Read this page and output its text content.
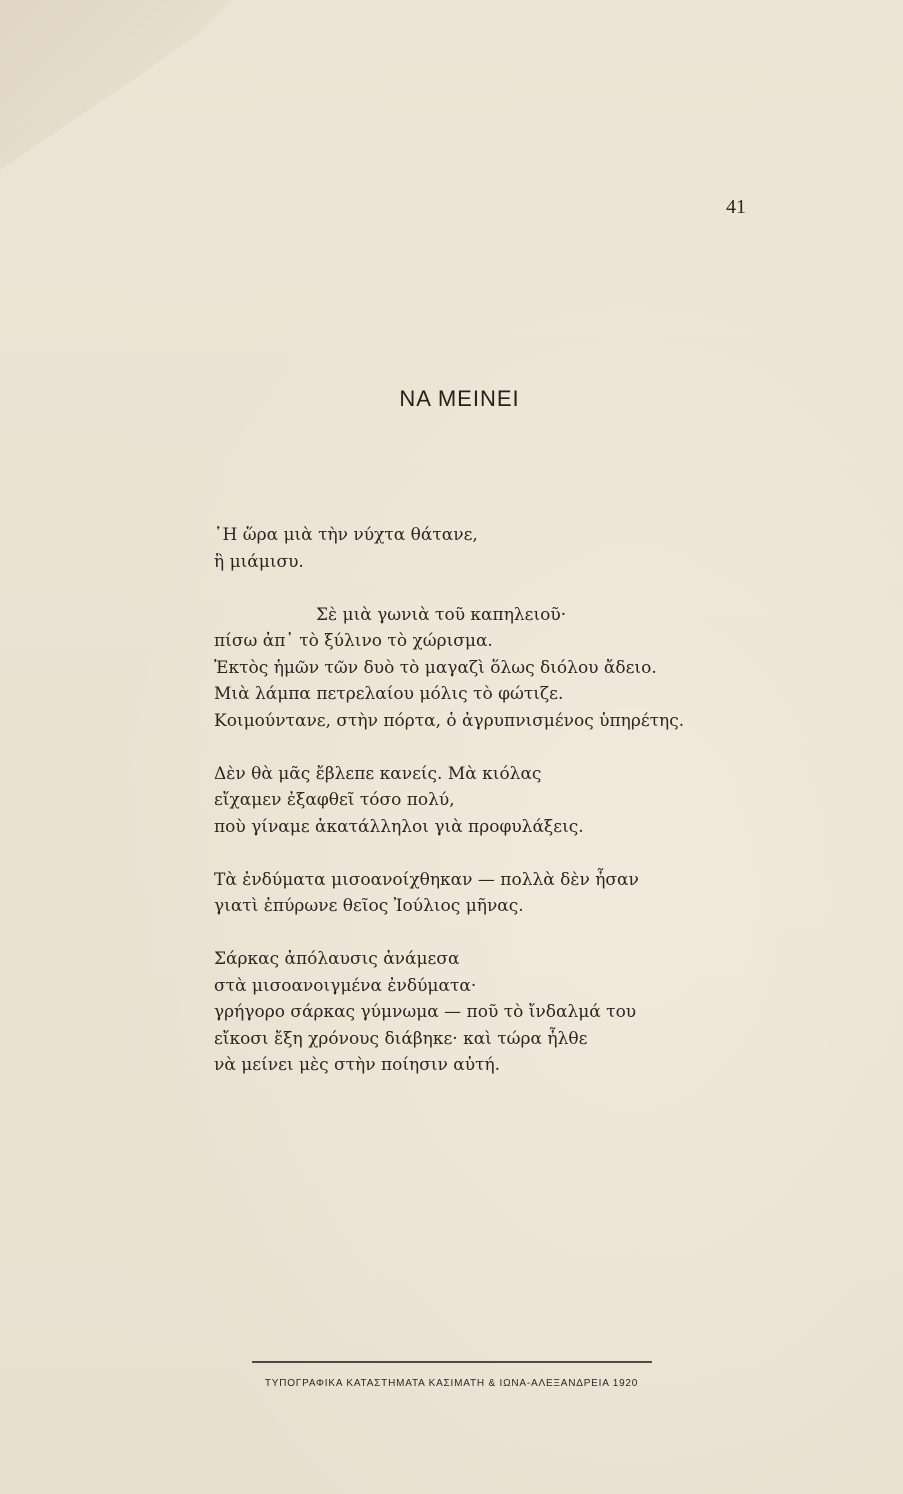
41
ΝΑ ΜΕΙΝΕΙ
῾Η ὥρα μιὰ τὴν νύχτα θάτανε,
ἢ μιάμισυ.
Σὲ μιὰ γωνιὰ τοῦ καπηλειοῦ·
πίσω ἀπ᾽ τὸ ξύλινο τὸ χώρισμα.
Ἐκτὸς ἡμῶν τῶν δυὸ τὸ μαγαζὶ ὅλως διόλου ἄδειο.
Μιὰ λάμπα πετρελαίου μόλις τὸ φώτιζε.
Κοιμούντανε, στὴν πόρτα, ὁ ἀγρυπνισμένος ὑπηρέτης.
Δὲν θὰ μᾶς ἔβλεπε κανείς. Μὰ κιόλας
εἴχαμεν ἐξαφθεῖ τόσο πολύ,
ποὺ γίναμε ἀκατάλληλοι γιὰ προφυλάξεις.
Τὰ ἐνδύματα μισοανοίχθηκαν — πολλὰ δὲν ἦσαν
γιατὶ ἐπύρωνε θεῖος Ἰούλιος μῆνας.
Σάρκας ἀπόλαυσις ἀνάμεσα
στὰ μισοανοιγμένα ἐνδύματα·
γρήγορο σάρκας γύμνωμα — ποῦ τὸ ἴνδαλμά του
εἴκοσι ἔξη χρόνους διάβηκε· καὶ τώρα ἦλθε
νὰ μείνει μὲς στὴν ποίησιν αὐτή.
ΤΥΠΟΓΡΑΦΙΚΑ ΚΑΤΑΣΤΗΜΑΤΑ ΚΑΣΙΜΑΤΗ & ΙΩΝΑ-ΑΛΕΞΑΝΔΡΕΙΑ 1920
